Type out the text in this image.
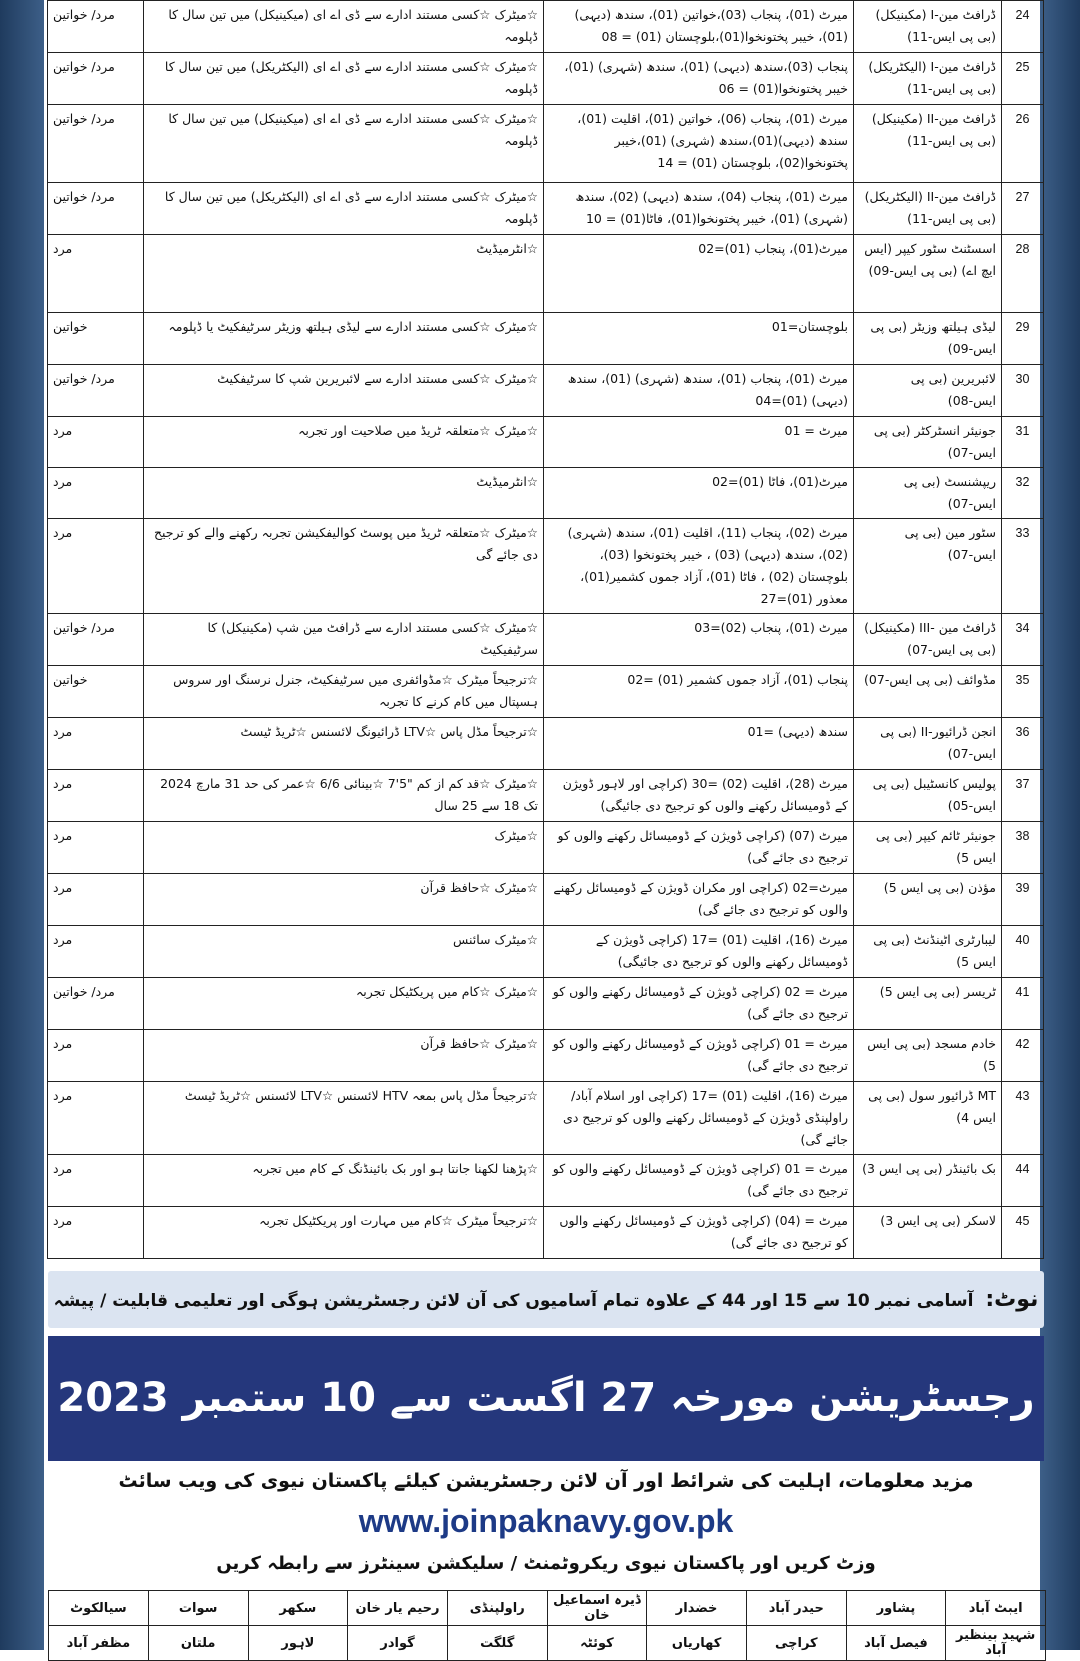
24	ڈرافٹ مین-I (مکینیکل) (بی پی ایس-11)	میرٹ (01)، پنجاب (03)،خواتین (01)، سندھ (دیہی) (01)، خیبر پختونخوا(01)،بلوچستان (01) = 08	☆میٹرک ☆کسی مستند ادارے سے ڈی اے ای (میکینیکل) میں تین سال کا ڈپلومہ	مرد/ خواتین
25	ڈرافٹ مین-I (الیکٹریکل) (بی پی ایس-11)	پنجاب (03)،سندھ (دیہی) (01)، سندھ (شہری) (01)، خیبر پختونخوا(01) = 06	☆میٹرک ☆کسی مستند ادارے سے ڈی اے ای (الیکٹریکل) میں تین سال کا ڈپلومہ	مرد/ خواتین
26	ڈرافٹ مین-II (مکینیکل) (بی پی ایس-11)	میرٹ (01)، پنجاب (06)، خواتین (01)، اقلیت (01)، سندھ (دیہی)(01)،سندھ (شہری) (01)،خیبر پختونخوا(02)، بلوچستان (01) = 14	☆میٹرک ☆کسی مستند ادارے سے ڈی اے ای (میکینیکل) میں تین سال کا ڈپلومہ	مرد/ خواتین
27	ڈرافٹ مین-II (الیکٹریکل) (بی پی ایس-11)	میرٹ (01)، پنجاب (04)، سندھ (دیہی) (02)، سندھ (شہری) (01)، خیبر پختونخوا(01)، فاٹا(01) = 10	☆میٹرک ☆کسی مستند ادارے سے ڈی اے ای (الیکٹریکل) میں تین سال کا ڈپلومہ	مرد/ خواتین
28	اسسٹنٹ سٹور کیپر (ایس ایچ اے) (بی پی ایس-09)	میرٹ(01)، پنجاب (01)=02	☆انٹرمیڈیٹ	مرد
29	لیڈی ہیلتھ وزیٹر (بی پی ایس-09)	بلوچستان=01	☆میٹرک ☆کسی مستند ادارے سے لیڈی ہیلتھ وزیٹر سرٹیفکیٹ یا ڈپلومہ	خواتین
30	لائبریرین (بی پی ایس-08)	میرٹ (01)، پنجاب (01)، سندھ (شہری) (01)، سندھ (دیہی) (01)=04	☆میٹرک ☆کسی مستند ادارے سے لائبریرین شپ کا سرٹیفکیٹ	مرد/ خواتین
31	جونیئر انسٹرکٹر (بی پی ایس-07)	میرٹ = 01	☆میٹرک ☆متعلقہ ٹریڈ میں صلاحیت اور تجربہ	مرد
32	ریپشنسٹ (بی پی ایس-07)	میرٹ(01)، فاٹا (01)=02	☆انٹرمیڈیٹ	مرد
33	سٹور مین (بی پی ایس-07)	میرٹ (02)، پنجاب (11)، اقلیت (01)، سندھ (شہری) (02)، سندھ (دیہی) (03) ، خیبر پختونخوا (03)، بلوچستان (02) ، فاٹا (01)، آزاد جموں کشمیر(01)، معذور (01)=27	☆میٹرک ☆متعلقہ ٹریڈ میں پوسٹ کوالیفکیشن تجربہ رکھنے والے کو ترجیح دی جائے گی	مرد
34	ڈرافٹ مین -III (مکینیکل) (بی پی ایس-07)	میرٹ (01)، پنجاب (02)=03	☆میٹرک ☆کسی مستند ادارے سے ڈرافٹ مین شپ (مکینیکل) کا سرٹیفیکیٹ	مرد/ خواتین
35	مڈوائف (بی پی ایس-07)	پنجاب (01)، آزاد جموں کشمیر (01) =02	☆ترجیحاً میٹرک ☆مڈوائفری میں سرٹیفکیٹ، جنرل نرسنگ اور سروس ہسپتال میں کام کرنے کا تجربہ	خواتین
36	انجن ڈرائیور-II (بی پی ایس-07)	سندھ (دیہی) =01	☆ترجیحاً مڈل پاس ☆LTV ڈرائیونگ لائسنس ☆ٹریڈ ٹیسٹ	مرد
37	پولیس کانسٹیبل (بی پی ایس-05)	میرٹ (28)، اقلیت (02) =30 (کراچی اور لاہور ڈویژن کے ڈومیسائل رکھنے والوں کو ترجیح دی جائیگی)	☆میٹرک ☆قد کم از کم "5'7 ☆بینائی 6/6 ☆عمر کی حد 31 مارچ 2024 تک 18 سے 25 سال	مرد
38	جونیئر ٹائم کیپر (بی پی ایس 5)	میرٹ (07) (کراچی ڈویژن کے ڈومیسائل رکھنے والوں کو ترجیح دی جائے گی)	☆میٹرک	مرد
39	مؤذن (بی پی ایس 5)	میرٹ=02 (کراچی اور مکران ڈویژن کے ڈومیسائل رکھنے والوں کو ترجیح دی جائے گی)	☆میٹرک ☆حافظ قرآن	مرد
40	لیبارٹری اٹینڈنٹ (بی پی ایس 5)	میرٹ (16)، اقلیت (01) =17 (کراچی ڈویژن کے ڈومیسائل رکھنے والوں کو ترجیح دی جائیگی)	☆میٹرک سائنس	مرد
41	ٹریسر (بی پی ایس 5)	میرٹ = 02 (کراچی ڈویژن کے ڈومیسائل رکھنے والوں کو ترجیح دی جائے گی)	☆میٹرک ☆کام میں پریکٹیکل تجربہ	مرد/ خواتین
42	خادم مسجد (بی پی ایس 5)	میرٹ = 01 (کراچی ڈویژن کے ڈومیسائل رکھنے والوں کو ترجیح دی جائے گی)	☆میٹرک ☆حافظ قرآن	مرد
43	MT ڈرائیور سول (بی پی ایس 4)	میرٹ (16)، اقلیت (01) =17 (کراچی اور اسلام آباد/راولپنڈی ڈویژن کے ڈومیسائل رکھنے والوں کو ترجیح دی جائے گی)	☆ترجیحاً مڈل پاس بمعہ HTV لائسنس ☆LTV لائسنس ☆ٹریڈ ٹیسٹ	مرد
44	بک بائینڈر (بی پی ایس 3)	میرٹ = 01 (کراچی ڈویژن کے ڈومیسائل رکھنے والوں کو ترجیح دی جائے گی)	☆پڑھنا لکھنا جانتا ہو اور بک بائینڈنگ کے کام میں تجربہ	مرد
45	لاسکر (بی پی ایس 3)	میرٹ = (04) (کراچی ڈویژن کے ڈومیسائل رکھنے والوں کو ترجیح دی جائے گی)	☆ترجیحاً میٹرک ☆کام میں مہارت اور پریکٹیکل تجربہ	مرد
نوٹ: آسامی نمبر 10 سے 15 اور 44 کے علاوہ تمام آسامیوں کی آن لائن رجسٹریشن ہوگی اور تعلیمی قابلیت / پیشہ
رجسٹریشن مورخہ 27 اگست سے 10 ستمبر 2023
مزید معلومات، اہلیت کی شرائط اور آن لائن رجسٹریشن کیلئے پاکستان نیوی کی ویب سائٹ
www.joinpaknavy.gov.pk
وزٹ کریں اور پاکستان نیوی ریکروٹمنٹ / سلیکشن سینٹرز سے رابطہ کریں
ایبٹ آباد	پشاور	حیدر آباد	خضدار	ڈیرہ اسماعیل خان	راولپنڈی	رحیم یار خان	سکھر	سوات	سیالکوٹ
شہید بینظیر آباد	فیصل آباد	کراچی	کھاریاں	کوئٹہ	گلگت	گوادر	لاہور	ملتان	مظفر آباد
